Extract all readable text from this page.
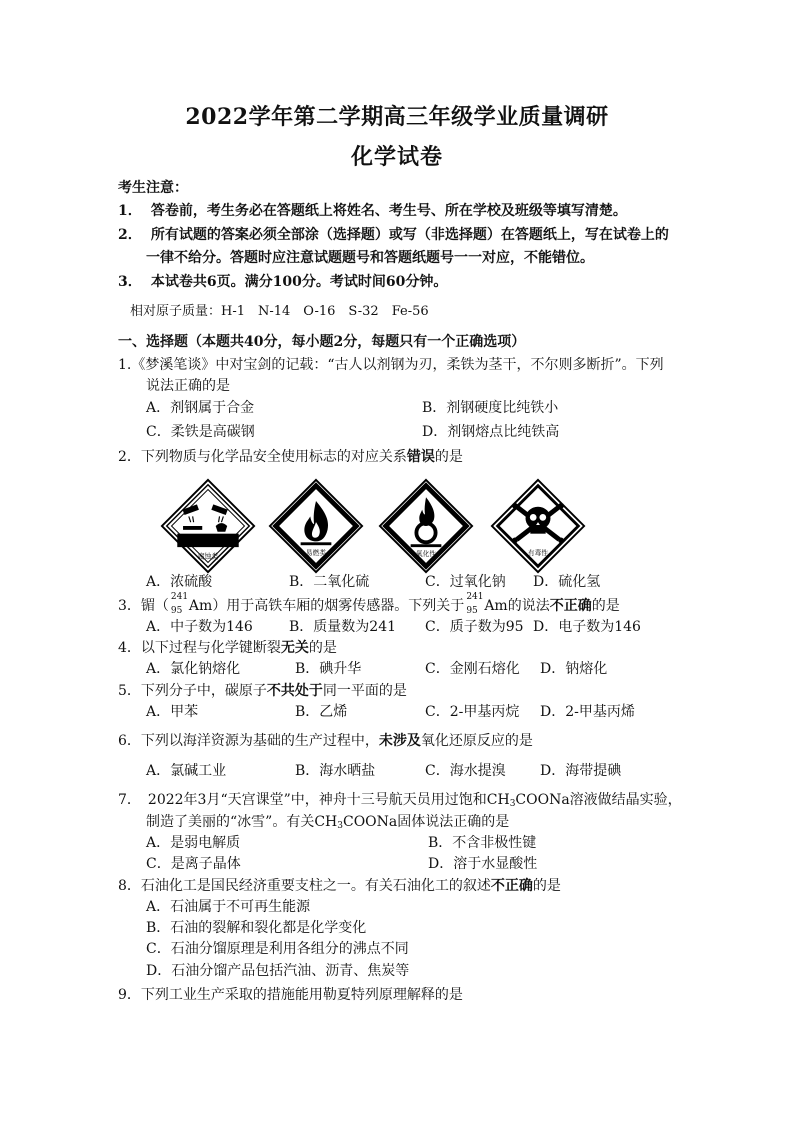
2022学年第二学期高三年级学业质量调研
化学试卷
考生注意：
1． 答卷前，考生务必在答题纸上将姓名、考生号、所在学校及班级等填写清楚。
2． 所有试题的答案必须全部涂（选择题）或写（非选择题）在答题纸上，写在试卷上的
一律不给分。答题时应注意试题题号和答题纸题号一一对应，不能错位。
3． 本试卷共6页。满分100分。考试时间60分钟。
相对原子质量：H-1　N-14　O-16　S-32　Fe-56
一、选择题（本题共40分，每小题2分，每题只有一个正确选项）
1.《梦溪笔谈》中对宝剑的记载：“古人以剂钢为刃，柔铁为茎干，不尔则多断折”。下列
说法正确的是
A．剂钢属于合金	B．剂钢硬度比纯铁小
C．柔铁是高碳钢	D．剂钢熔点比纯铁高
2．下列物质与化学品安全使用标志的对应关系错误的是
腐蚀类	易燃类	氧化性	有毒性
A．浓硫酸	B．二氧化硫	C．过氧化钠 D．硫化氢
3．镅（
241
95 Am）用于高铁车厢的烟雾传感器。下列关于
241
95 Am的说法不正确的是
A．中子数为146	B．质量数为241 C．质子数为95 D．电子数为146
4．以下过程与化学键断裂无关的是
A．氯化钠熔化	B．碘升华	C．金刚石熔化 D．钠熔化
5．下列分子中，碳原子不共处于同一平面的是
A．甲苯	B．乙烯	C．2-甲基丙烷 D．2-甲基丙烯
6．下列以海洋资源为基础的生产过程中，未涉及氧化还原反应的是
A．氯碱工业	B．海水晒盐	C．海水提溴 D．海带提碘
7．　2022年3月“天宫课堂”中，神舟十三号航天员用过饱和CH3COONa溶液做结晶实验，
制造了美丽的“冰雪”。有关CH3COONa固体说法正确的是
A．是弱电解质	B．不含非极性键
C．是离子晶体	D．溶于水显酸性
8．石油化工是国民经济重要支柱之一。有关石油化工的叙述不正确的是
A．石油属于不可再生能源
B．石油的裂解和裂化都是化学变化
C．石油分馏原理是利用各组分的沸点不同
D．石油分馏产品包括汽油、沥青、焦炭等
9．下列工业生产采取的措施能用勒夏特列原理解释的是
